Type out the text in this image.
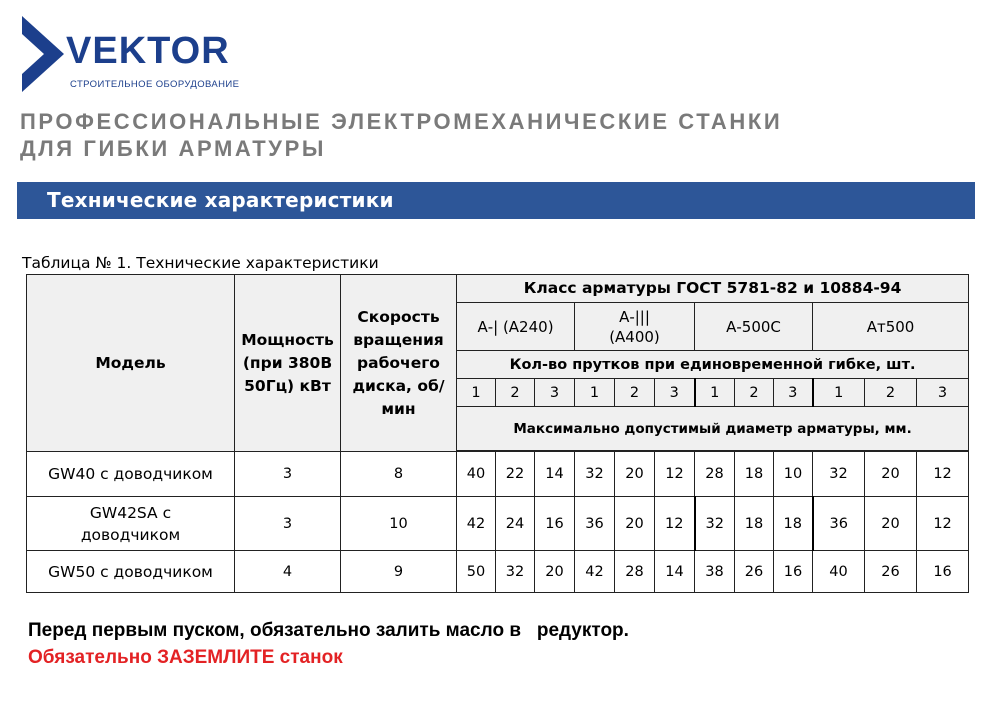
VEKTOR
СТРОИТЕЛЬНОЕ ОБОРУДОВАНИЕ
ПРОФЕССИОНАЛЬНЫЕ ЭЛЕКТРОМЕХАНИЧЕСКИЕ СТАНКИ
ДЛЯ ГИБКИ АРМАТУРЫ
Технические характеристики
Таблица № 1. Технические характеристики
Модель	Мощность (при 380В 50Гц) кВт	Скорость вращения рабочего диска, об/мин	Класс арматуры ГОСТ 5781-82 и 10884-94											
			А-| (А240)			А-||| (А400)			А-500С			Ат500		
			Кол-во прутков при единовременной гибке, шт.											
			1	2	3	1	2	3	1	2	3	1	2	3
			Максимально допустимый диаметр арматуры, мм.											

GW40 с доводчиком	3	8	40	22	14	32	20	12	28	18	10	32	20	12
GW42SA с доводчиком	3	10	42	24	16	36	20	12	32	18	18	36	20	12
GW50 с доводчиком	4	9	50	32	20	42	28	14	38	26	16	40	26	16
Перед первым пуском, обязательно залить масло в   редуктор.
Обязательно ЗАЗЕМЛИТЕ станок
